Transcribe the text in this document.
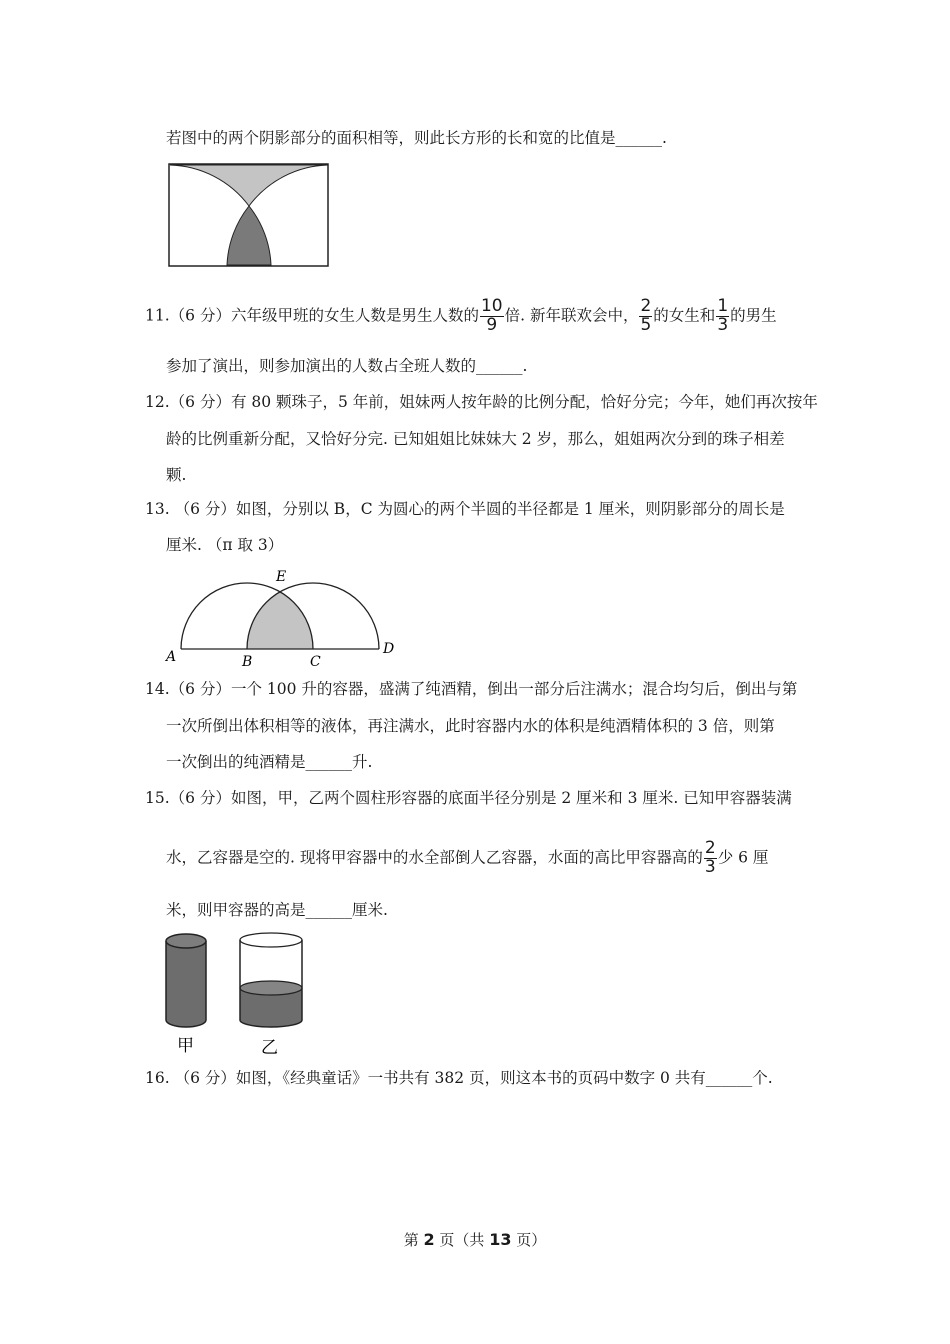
若图中的两个阴影部分的面积相等，则此长方形的长和宽的比值是______.
11.（6 分）六年级甲班的女生人数是男生人数的 $\frac{10}{9}$ 倍. 新年联欢会中， $\frac{2}{5}$ 的女生和 $\frac{1}{3}$ 的男生
参加了演出，则参加演出的人数占全班人数的______.
12.（6 分）有 80 颗珠子，5 年前，姐妹两人按年龄的比例分配，恰好分完；今年，她们再次按年
龄的比例重新分配，又恰好分完. 已知姐姐比妹妹大 2 岁，那么，姐姐两次分到的珠子相差
颗.
13. （6 分）如图，分别以 B，C 为圆心的两个半圆的半径都是 1 厘米，则阴影部分的周长是
厘米. （π 取 3）
A	B	C
D
E
14.（6 分）一个 100 升的容器，盛满了纯酒精，倒出一部分后注满水；混合均匀后，倒出与第
一次所倒出体积相等的液体，再注满水，此时容器内水的体积是纯酒精体积的 3 倍，则第
一次倒出的纯酒精是______升.
15.（6 分）如图，甲，乙两个圆柱形容器的底面半径分别是 2 厘米和 3 厘米. 已知甲容器装满
水，乙容器是空的. 现将甲容器中的水全部倒人乙容器，水面的高比甲容器高的 $\frac{2}{3}$ 少 6 厘
米，则甲容器的高是______厘米.
甲	乙
16. （6 分）如图，《经典童话》一书共有 382 页，则这本书的页码中数字 0 共有______个.
第 2 页（共 13 页）
